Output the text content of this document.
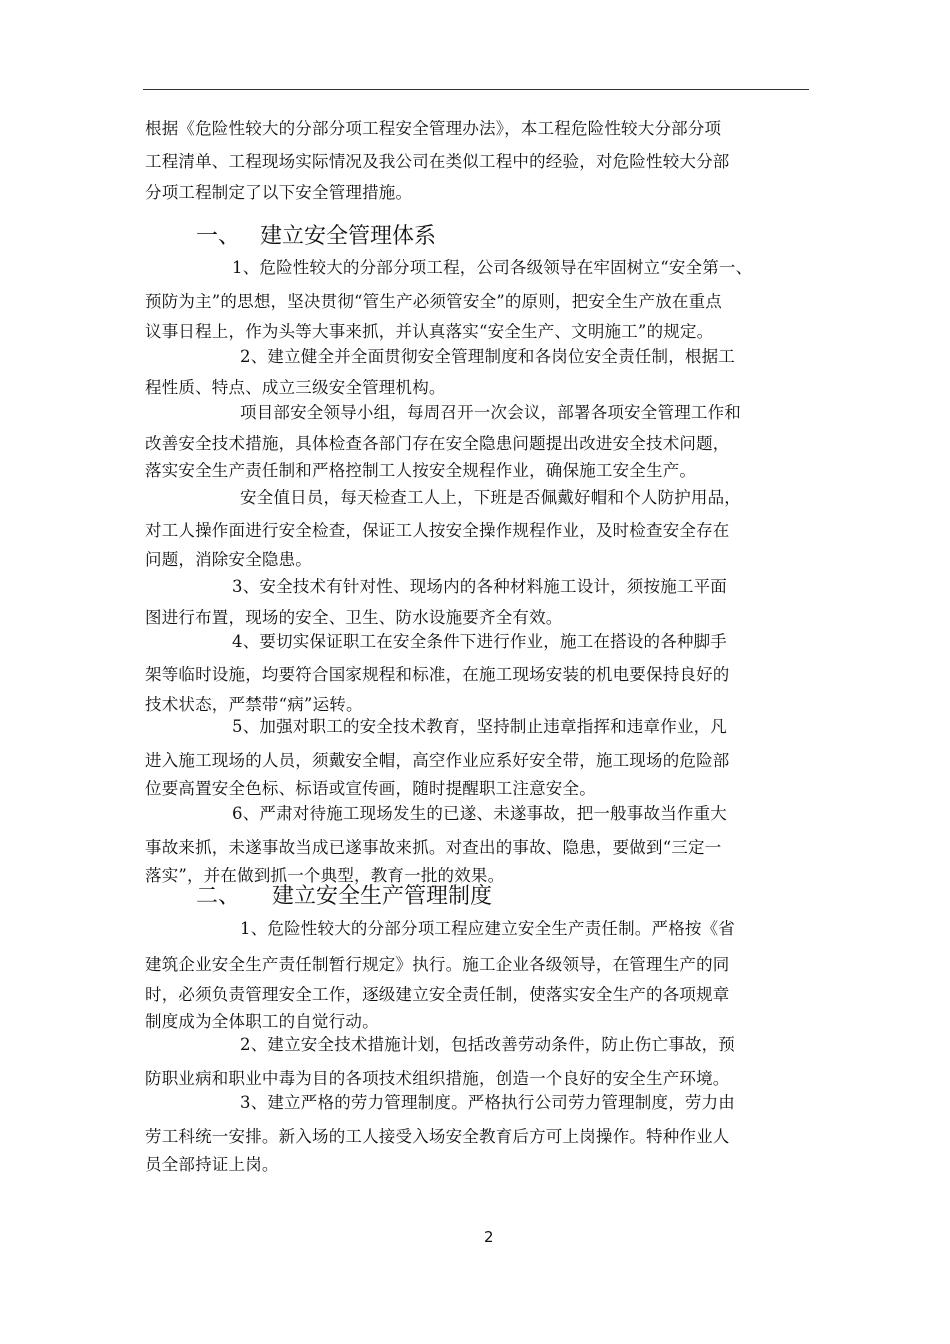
根据《危险性较大的分部分项工程安全管理办法》，本工程危险性较大分部分项
工程清单、工程现场实际情况及我公司在类似工程中的经验，对危险性较大分部
分项工程制定了以下安全管理措施。
一、 建立安全管理体系
1、危险性较大的分部分项工程，公司各级领导在牢固树立“安全第一、
预防为主”的思想，坚决贯彻“管生产必须管安全”的原则，把安全生产放在重点
议事日程上，作为头等大事来抓，并认真落实“安全生产、文明施工”的规定。
2、建立健全并全面贯彻安全管理制度和各岗位安全责任制，根据工
程性质、特点、成立三级安全管理机构。
项目部安全领导小组，每周召开一次会议，部署各项安全管理工作和
改善安全技术措施，具体检查各部门存在安全隐患问题提出改进安全技术问题，
落实安全生产责任制和严格控制工人按安全规程作业，确保施工安全生产。
安全值日员，每天检查工人上，下班是否佩戴好帽和个人防护用品，
对工人操作面进行安全检查，保证工人按安全操作规程作业，及时检查安全存在
问题，消除安全隐患。
3、安全技术有针对性、现场内的各种材料施工设计，须按施工平面
图进行布置，现场的安全、卫生、防水设施要齐全有效。
4、要切实保证职工在安全条件下进行作业，施工在搭设的各种脚手
架等临时设施，均要符合国家规程和标准，在施工现场安装的机电要保持良好的
技术状态，严禁带“病”运转。
5、加强对职工的安全技术教育，坚持制止违章指挥和违章作业，凡
进入施工现场的人员，须戴安全帽，高空作业应系好安全带，施工现场的危险部
位要高置安全色标、标语或宣传画，随时提醒职工注意安全。
6、严肃对待施工现场发生的已遂、未遂事故，把一般事故当作重大
事故来抓，未遂事故当成已遂事故来抓。对查出的事故、隐患，要做到“三定一
落实”，并在做到抓一个典型，教育一批的效果。
二、 建立安全生产管理制度
1、危险性较大的分部分项工程应建立安全生产责任制。严格按《省
建筑企业安全生产责任制暂行规定》执行。施工企业各级领导，在管理生产的同
时，必须负责管理安全工作，逐级建立安全责任制，使落实安全生产的各项规章
制度成为全体职工的自觉行动。
2、建立安全技术措施计划，包括改善劳动条件，防止伤亡事故，预
防职业病和职业中毒为目的各项技术组织措施，创造一个良好的安全生产环境。
3、建立严格的劳力管理制度。严格执行公司劳力管理制度，劳力由
劳工科统一安排。新入场的工人接受入场安全教育后方可上岗操作。特种作业人
员全部持证上岗。
2
